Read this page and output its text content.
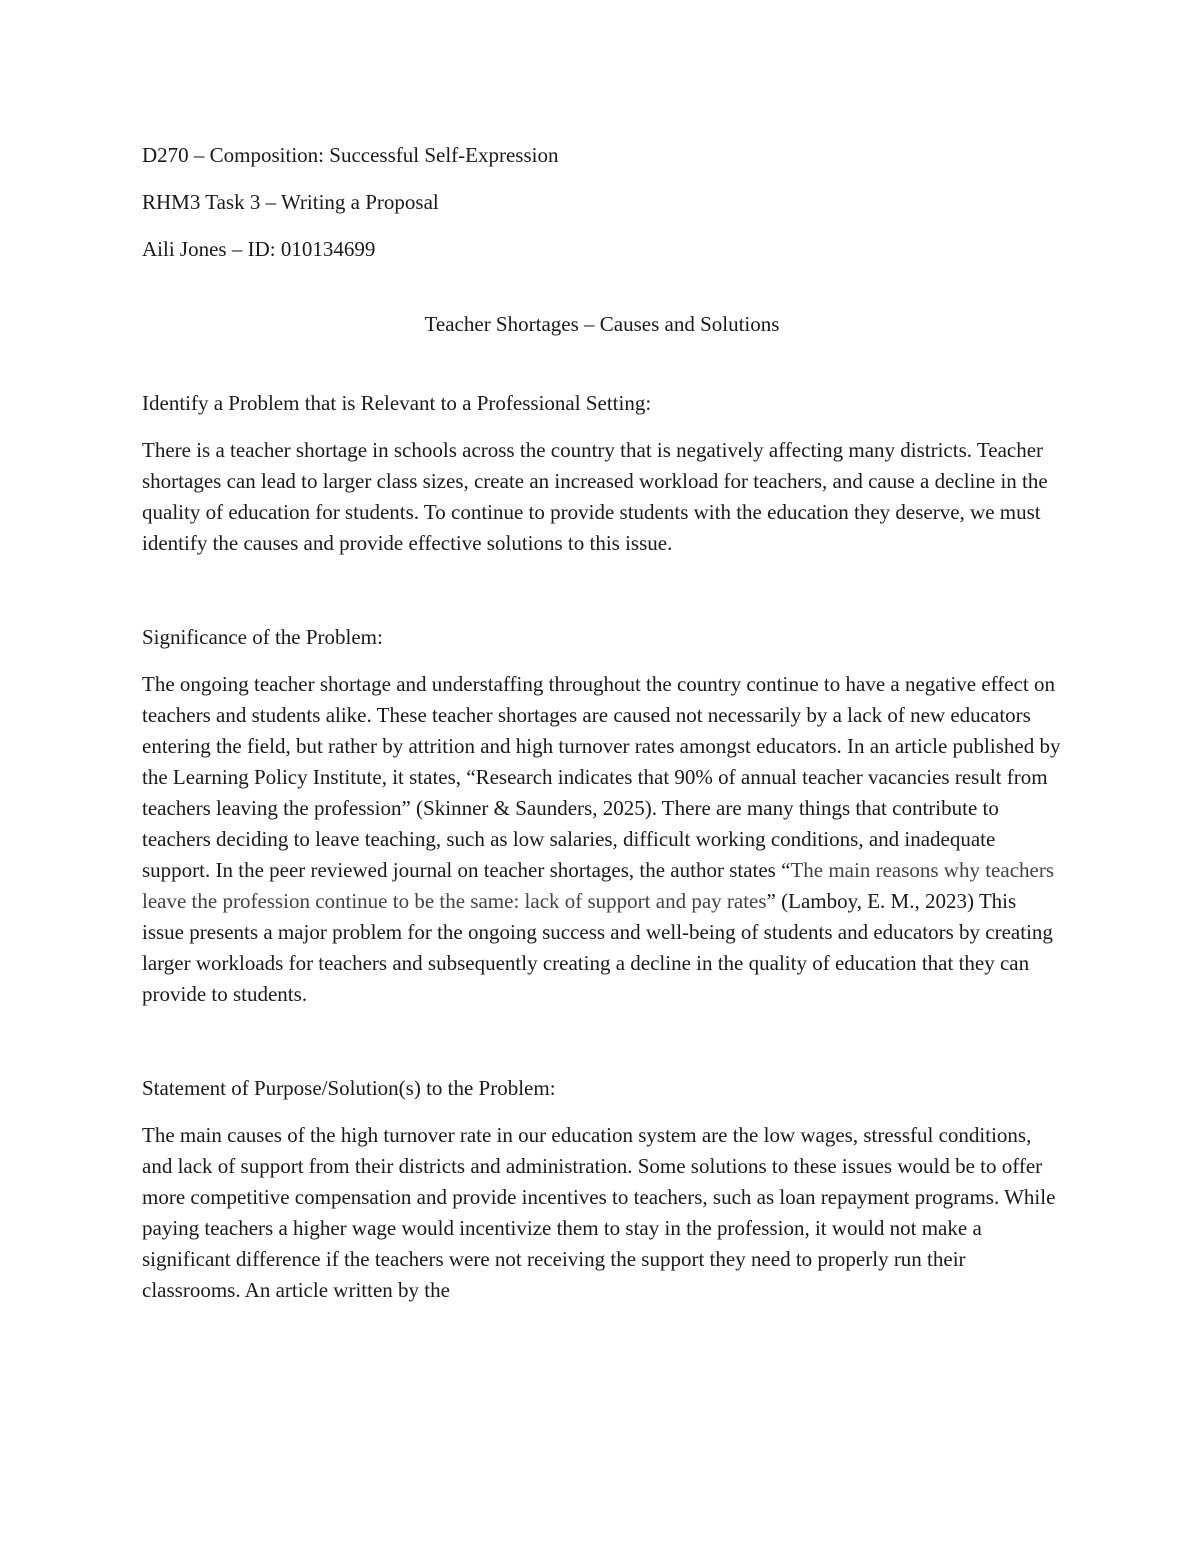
D270 – Composition: Successful Self-Expression

RHM3 Task 3 – Writing a Proposal

Aili Jones – ID: 010134699

Teacher Shortages – Causes and Solutions

Identify a Problem that is Relevant to a Professional Setting:

There is a teacher shortage in schools across the country that is negatively affecting many districts. Teacher shortages can lead to larger class sizes, create an increased workload for teachers, and cause a decline in the quality of education for students. To continue to provide students with the education they deserve, we must identify the causes and provide effective solutions to this issue.

Significance of the Problem:

The ongoing teacher shortage and understaffing throughout the country continue to have a negative effect on teachers and students alike. These teacher shortages are caused not necessarily by a lack of new educators entering the field, but rather by attrition and high turnover rates amongst educators. In an article published by the Learning Policy Institute, it states, “Research indicates that 90% of annual teacher vacancies result from teachers leaving the profession” (Skinner & Saunders, 2025). There are many things that contribute to teachers deciding to leave teaching, such as low salaries, difficult working conditions, and inadequate support. In the peer reviewed journal on teacher shortages, the author states “The main reasons why teachers leave the profession continue to be the same: lack of support and pay rates” (Lamboy, E. M., 2023) This issue presents a major problem for the ongoing success and well-being of students and educators by creating larger workloads for teachers and subsequently creating a decline in the quality of education that they can provide to students.

Statement of Purpose/Solution(s) to the Problem:

The main causes of the high turnover rate in our education system are the low wages, stressful conditions, and lack of support from their districts and administration. Some solutions to these issues would be to offer more competitive compensation and provide incentives to teachers, such as loan repayment programs. While paying teachers a higher wage would incentivize them to stay in the profession, it would not make a significant difference if the teachers were not receiving the support they need to properly run their classrooms. An article written by the
